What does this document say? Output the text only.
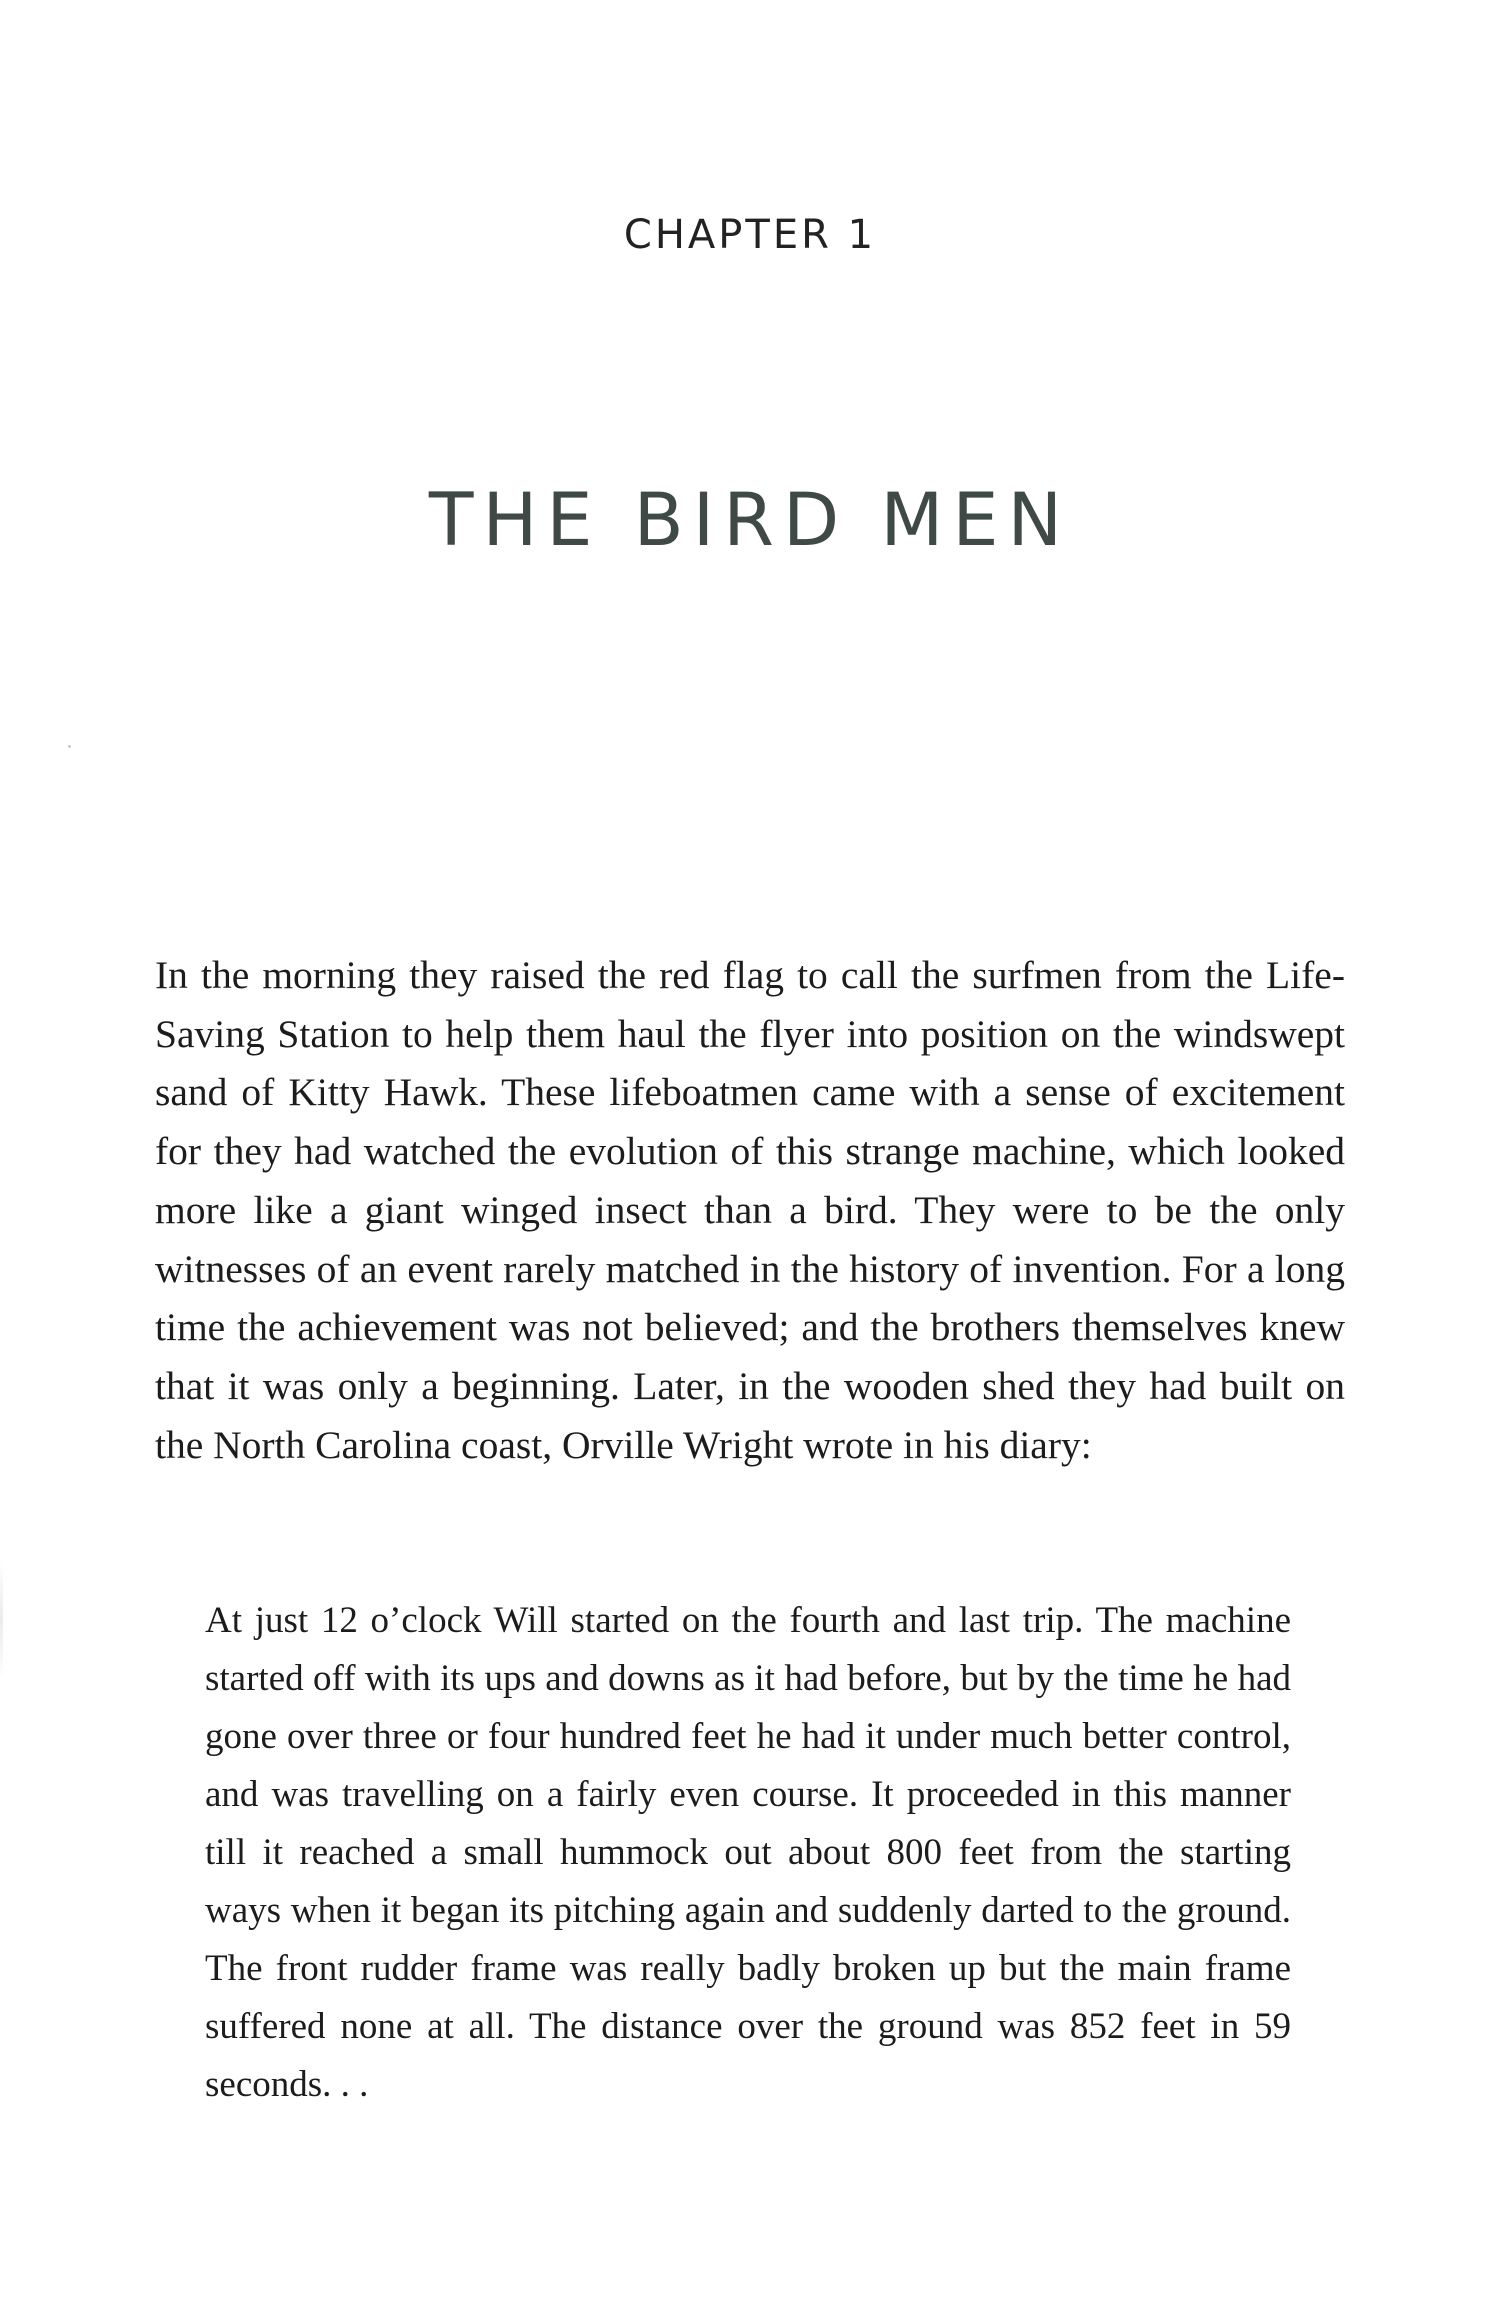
CHAPTER 1

THE BIRD MEN

In the morning they raised the red flag to call the surfmen from the Life-Saving Station to help them haul the flyer into position on the windswept sand of Kitty Hawk. These lifeboatmen came with a sense of excitement for they had watched the evolution of this strange machine, which looked more like a giant winged insect than a bird. They were to be the only witnesses of an event rarely matched in the history of invention. For a long time the achievement was not believed; and the brothers themselves knew that it was only a beginning. Later, in the wooden shed they had built on the North Carolina coast, Orville Wright wrote in his diary:

At just 12 o’clock Will started on the fourth and last trip. The machine started off with its ups and downs as it had before, but by the time he had gone over three or four hundred feet he had it under much better control, and was travelling on a fairly even course. It proceeded in this manner till it reached a small hummock out about 800 feet from the starting ways when it began its pitching again and suddenly darted to the ground. The front rudder frame was really badly broken up but the main frame suffered none at all. The distance over the ground was 852 feet in 59 seconds. . .
